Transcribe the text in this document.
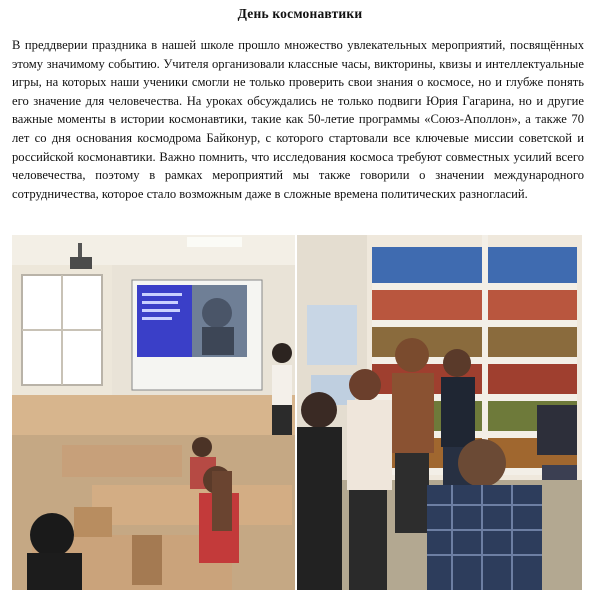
День космонавтики
В преддверии праздника в нашей школе прошло множество увлекательных мероприятий, посвящённых этому значимому событию. Учителя организовали классные часы, викторины, квизы и интеллектуальные игры, на которых наши ученики смогли не только проверить свои знания о космосе, но и глубже понять его значение для человечества. На уроках обсуждались не только подвиги Юрия Гагарина, но и другие важные моменты в истории космонавтики, такие как 50-летие программы «Союз-Аполлон», а также 70 лет со дня основания космодрома Байконур, с которого стартовали все ключевые миссии советской и российской космонавтики. Важно помнить, что исследования космоса требуют совместных усилий всего человечества, поэтому в рамках мероприятий мы также говорили о значении международного сотрудничества, которое стало возможным даже в сложные времена политических разногласий.
